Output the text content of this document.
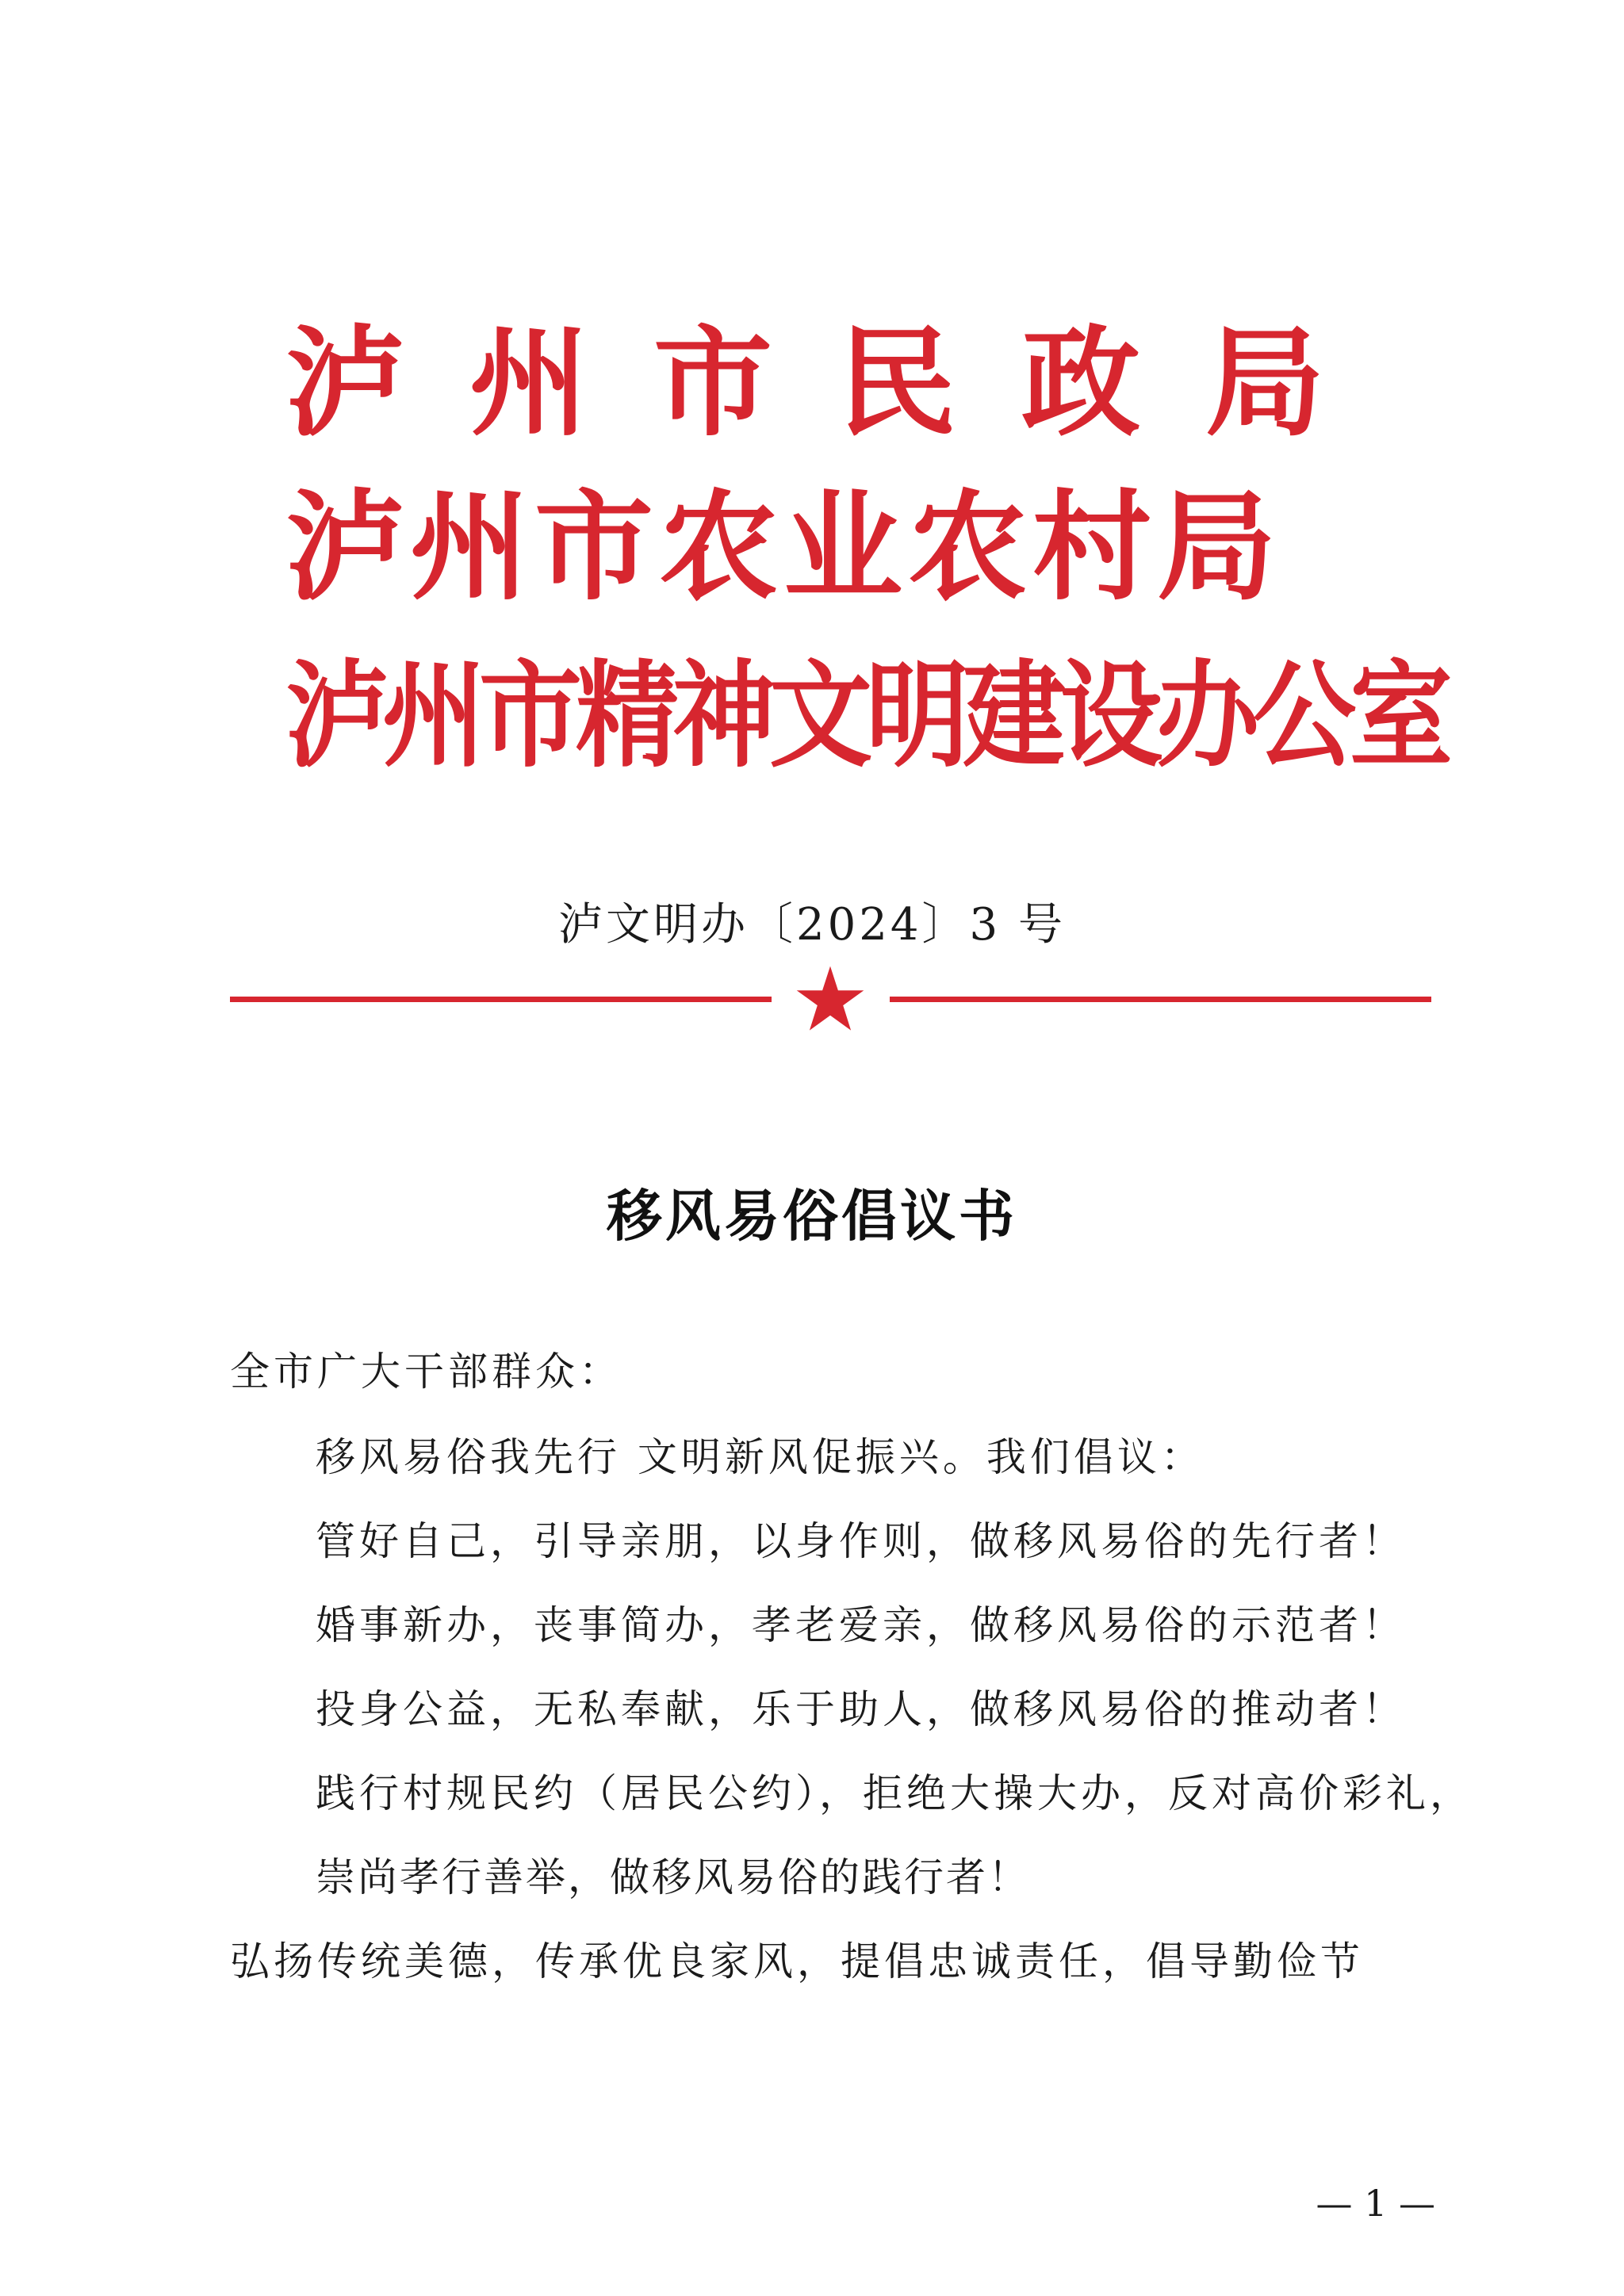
泸州市民政局
泸州市农业农村局
泸州市精神文明建设办公室
泸文明办〔2024〕3 号
移风易俗倡议书
全市广大干部群众：
移风易俗我先行 文明新风促振兴。我们倡议：
管好自己，引导亲朋，以身作则，做移风易俗的先行者！
婚事新办，丧事简办，孝老爱亲，做移风易俗的示范者！
投身公益，无私奉献，乐于助人，做移风易俗的推动者！
践行村规民约（居民公约），拒绝大操大办，反对高价彩礼，
崇尚孝行善举，做移风易俗的践行者！
弘扬传统美德，传承优良家风，提倡忠诚责任，倡导勤俭节
— 1 —
